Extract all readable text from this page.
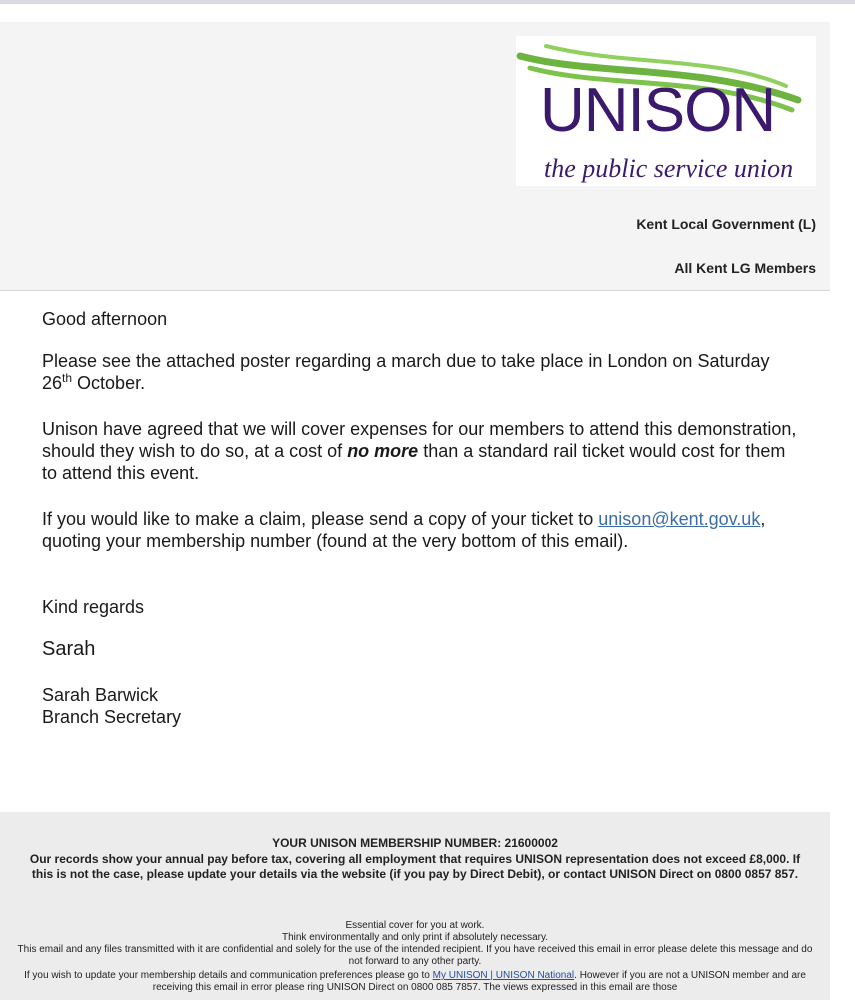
UNISON
the public service union
Kent Local Government (L)
All Kent LG Members

Good afternoon

Please see the attached poster regarding a march due to take place in London on Saturday 26th October.

Unison have agreed that we will cover expenses for our members to attend this demonstration, should they wish to do so, at a cost of no more than a standard rail ticket would cost for them to attend this event.

If you would like to make a claim, please send a copy of your ticket to unison@kent.gov.uk, quoting your membership number (found at the very bottom of this email).

Kind regards

Sarah

Sarah Barwick
Branch Secretary

YOUR UNISON MEMBERSHIP NUMBER: 21600002
Our records show your annual pay before tax, covering all employment that requires UNISON representation does not exceed £8,000. If this is not the case, please update your details via the website (if you pay by Direct Debit), or contact UNISON Direct on 0800 0857 857.
Essential cover for you at work.
Think environmentally and only print if absolutely necessary.
This email and any files transmitted with it are confidential and solely for the use of the intended recipient. If you have received this email in error please delete this message and do not forward to any other party.
If you wish to update your membership details and communication preferences please go to My UNISON | UNISON National. However if you are not a UNISON member and are receiving this email in error please ring UNISON Direct on 0800 085 7857. The views expressed in this email are those
